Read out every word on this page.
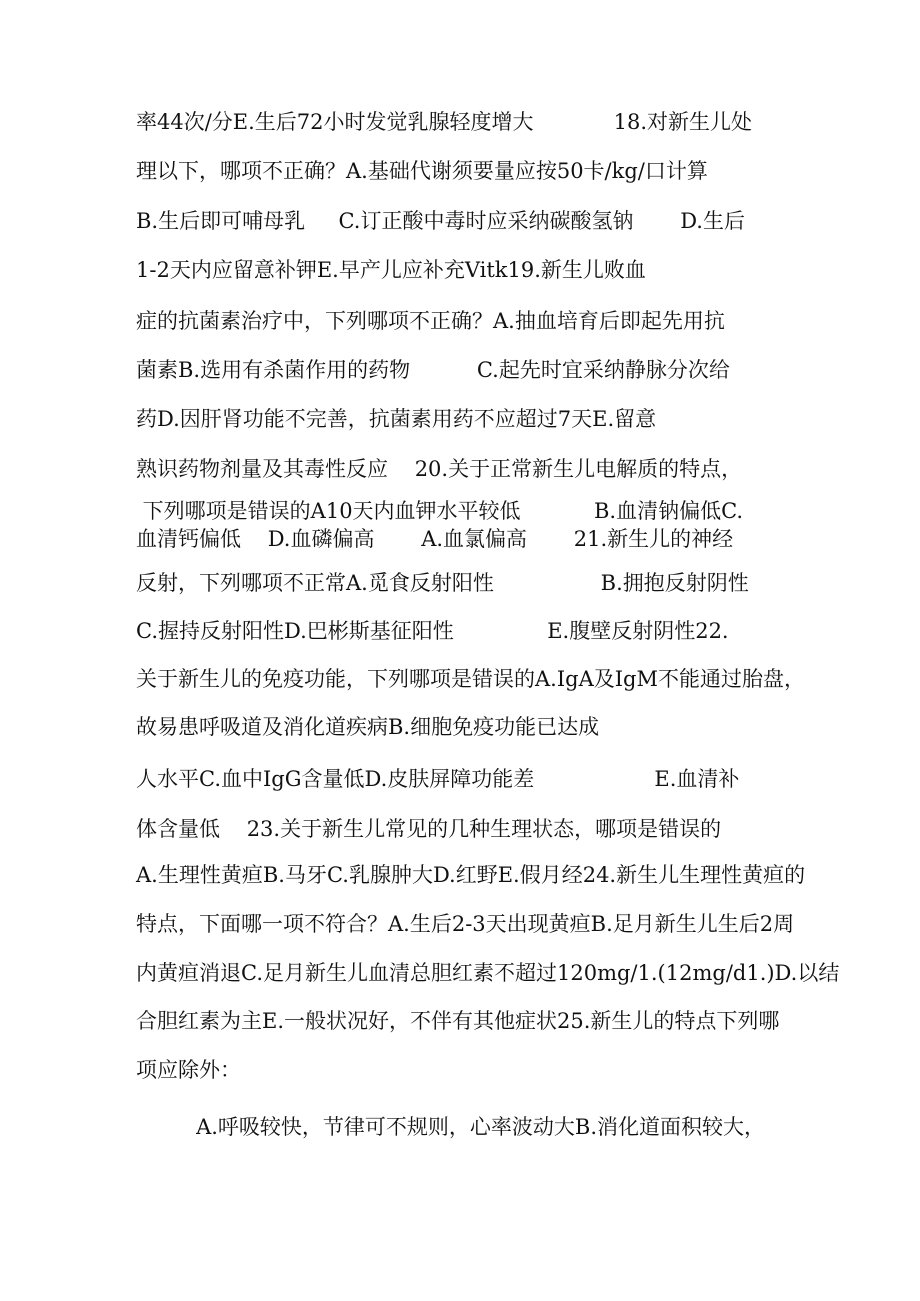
率44次/分E.生后72小时发觉乳腺轻度增大            18.对新生儿处

理以下，哪项不正确？A.基础代谢须要量应按50卡/kg/口计算

B.生后即可哺母乳     C.订正酸中毒时应采纳碳酸氢钠       D.生后

1-2天内应留意补钾E.早产儿应补充Vitk19.新生儿败血

症的抗菌素治疗中，下列哪项不正确？A.抽血培育后即起先用抗

菌素B.选用有杀菌作用的药物          C.起先时宜采纳静脉分次给

药D.因肝肾功能不完善，抗菌素用药不应超过7天E.留意

熟识药物剂量及其毒性反应    20.关于正常新生儿电解质的特点，

下列哪项是错误的A10天内血钾水平较低           B.血清钠偏低C.

血清钙偏低    D.血磷偏高       A.血氯偏高       21.新生儿的神经

反射，下列哪项不正常A.觅食反射阳性                B.拥抱反射阴性

C.握持反射阳性D.巴彬斯基征阳性              E.腹壁反射阴性22.

关于新生儿的免疫功能，下列哪项是错误的A.IgA及IgM不能通过胎盘，

故易患呼吸道及消化道疾病B.细胞免疫功能已达成

人水平C.血中IgG含量低D.皮肤屏障功能差                  E.血清补

体含量低    23.关于新生儿常见的几种生理状态，哪项是错误的

A.生理性黄疸B.马牙C.乳腺肿大D.红野E.假月经24.新生儿生理性黄疸的

特点，下面哪一项不符合？A.生后2-3天出现黄疸B.足月新生儿生后2周

内黄疸消退C.足月新生儿血清总胆红素不超过120mg/1.(12mg/d1.)D.以结

合胆红素为主E.一般状况好，不伴有其他症状25.新生儿的特点下列哪

项应除外：

A.呼吸较快，节律可不规则，心率波动大B.消化道面积较大，
